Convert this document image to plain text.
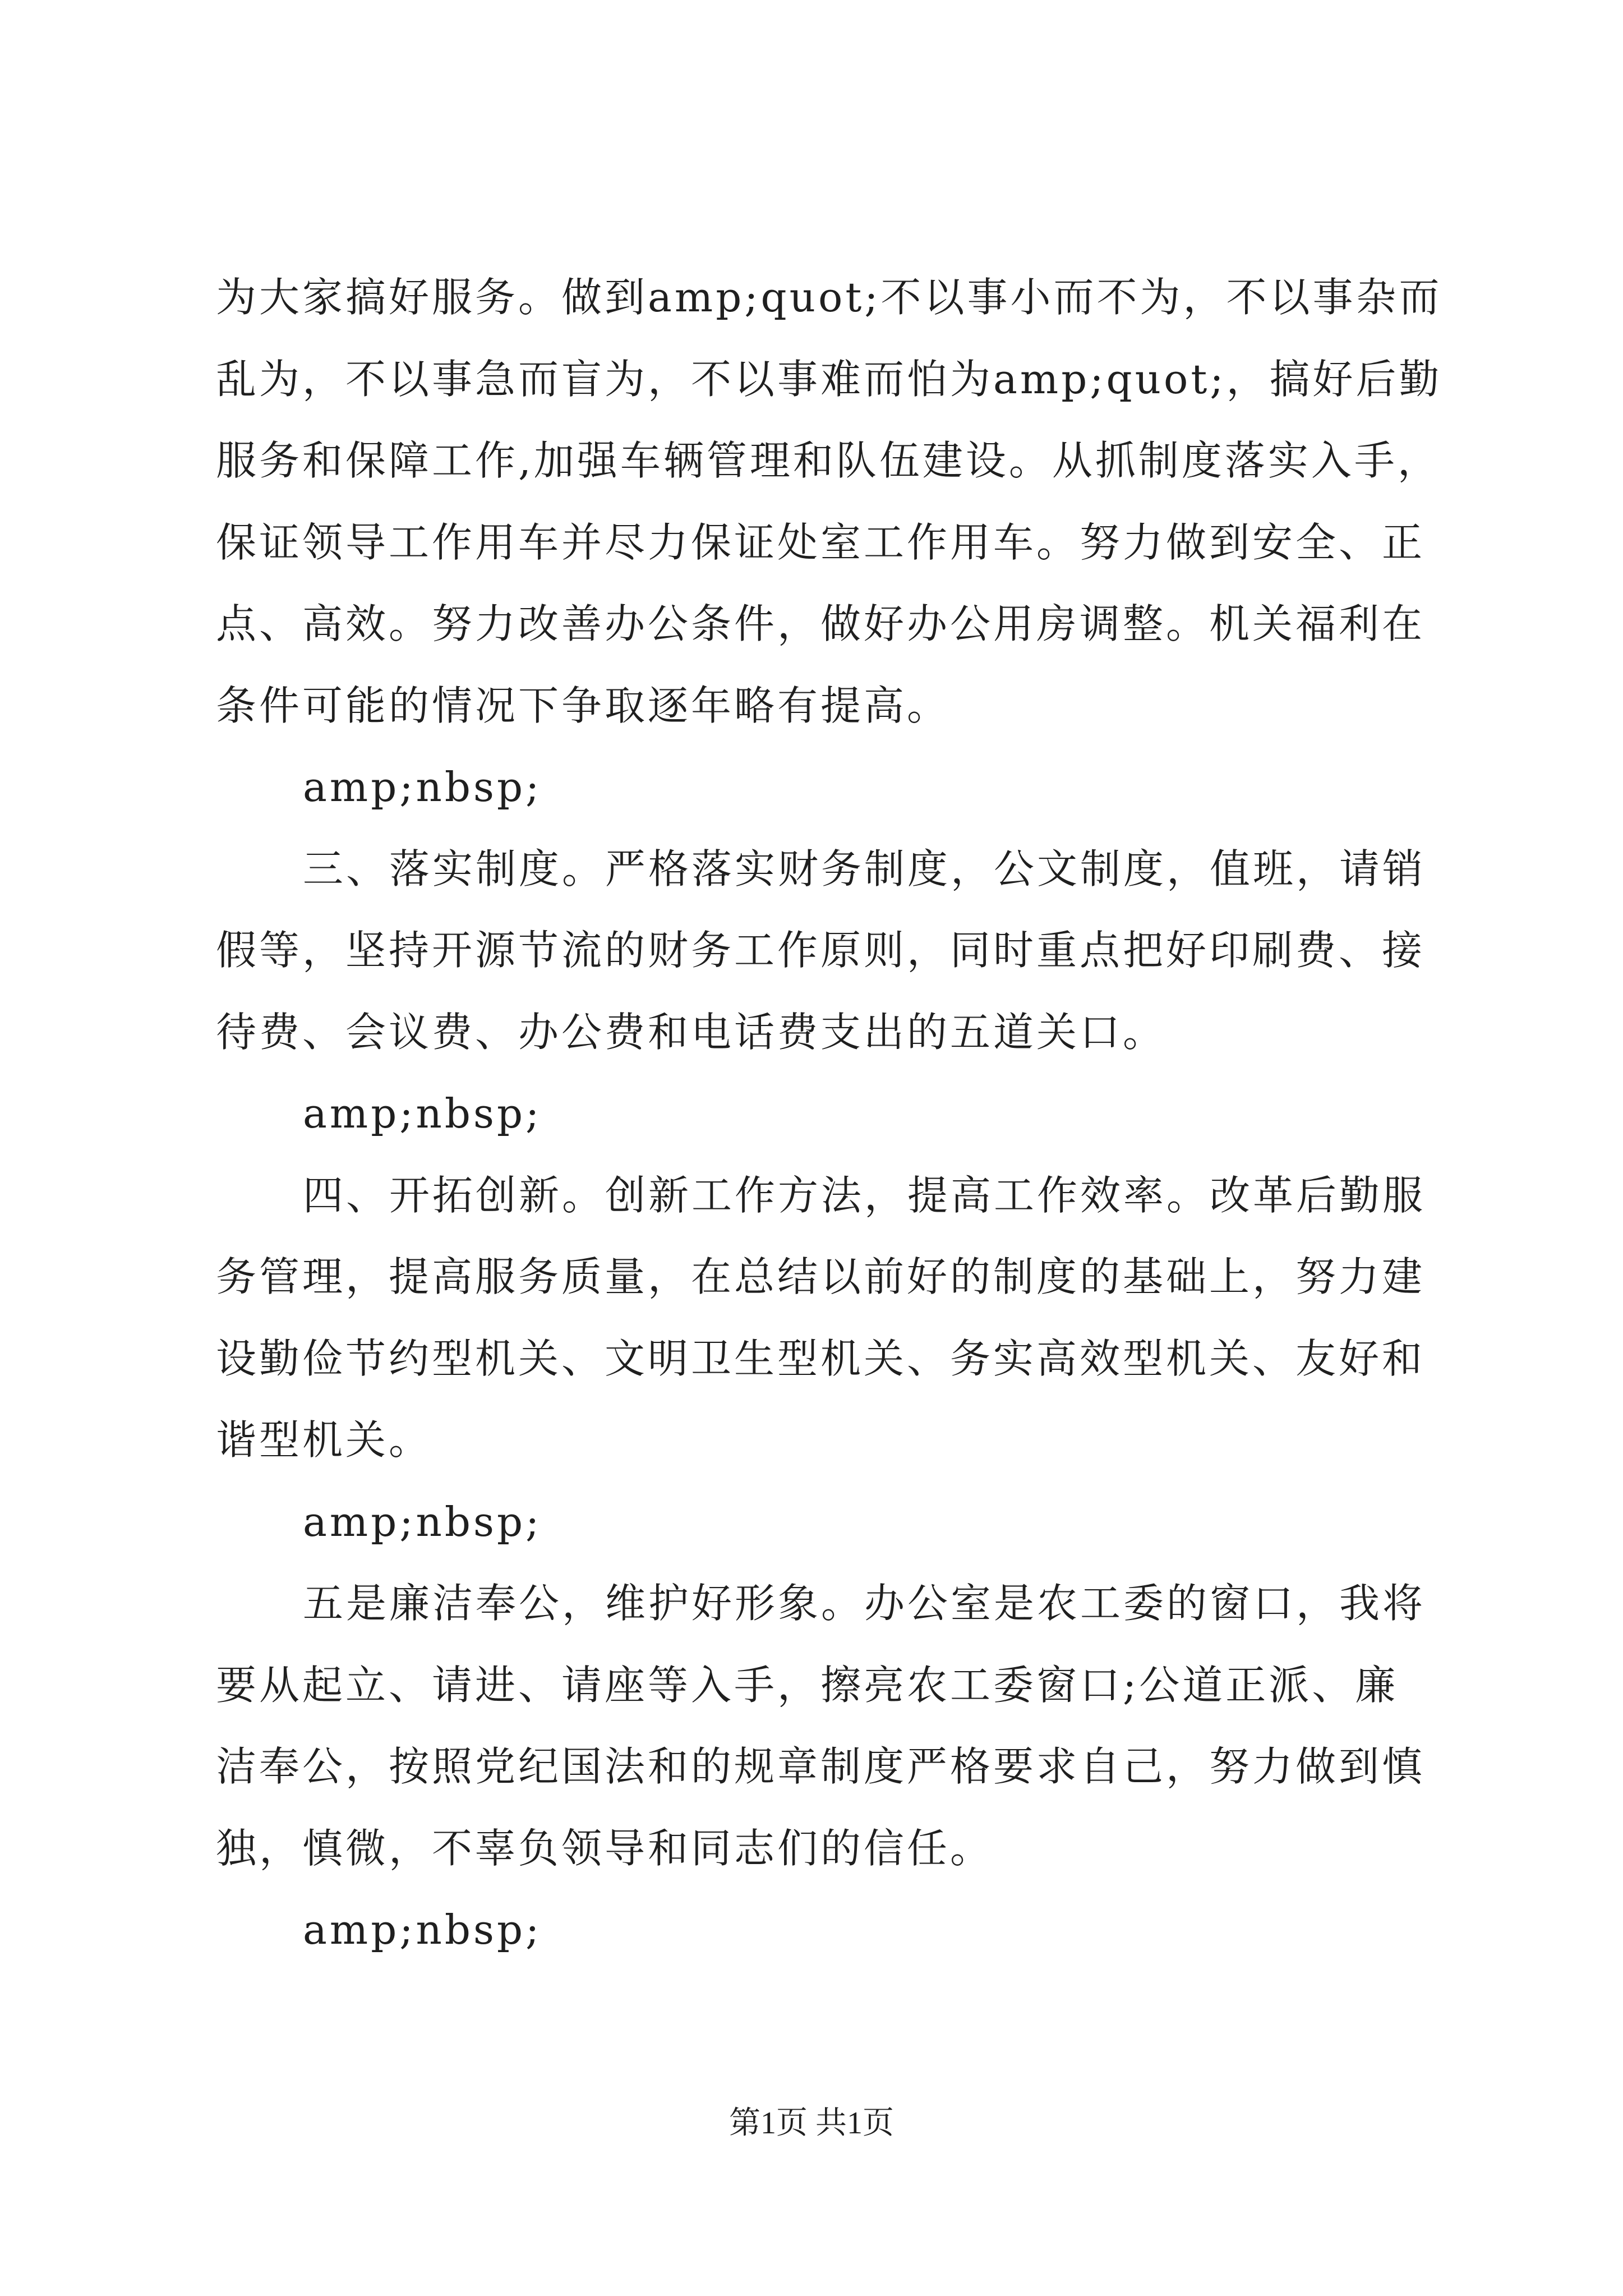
为大家搞好服务。做到amp;quot;不以事小而不为，不以事杂而

乱为，不以事急而盲为，不以事难而怕为amp;quot;，搞好后勤

服务和保障工作,加强车辆管理和队伍建设。从抓制度落实入手，

保证领导工作用车并尽力保证处室工作用车。努力做到安全、正

点、高效。努力改善办公条件，做好办公用房调整。机关福利在

条件可能的情况下争取逐年略有提高。

amp;nbsp;

三、落实制度。严格落实财务制度，公文制度，值班，请销

假等，坚持开源节流的财务工作原则，同时重点把好印刷费、接

待费、会议费、办公费和电话费支出的五道关口。

amp;nbsp;

四、开拓创新。创新工作方法，提高工作效率。改革后勤服

务管理，提高服务质量，在总结以前好的制度的基础上，努力建

设勤俭节约型机关、文明卫生型机关、务实高效型机关、友好和

谐型机关。

amp;nbsp;

五是廉洁奉公，维护好形象。办公室是农工委的窗口，我将

要从起立、请进、请座等入手，擦亮农工委窗口;公道正派、廉

洁奉公，按照党纪国法和的规章制度严格要求自己，努力做到慎

独，慎微，不辜负领导和同志们的信任。

amp;nbsp;

第1页 共1页
